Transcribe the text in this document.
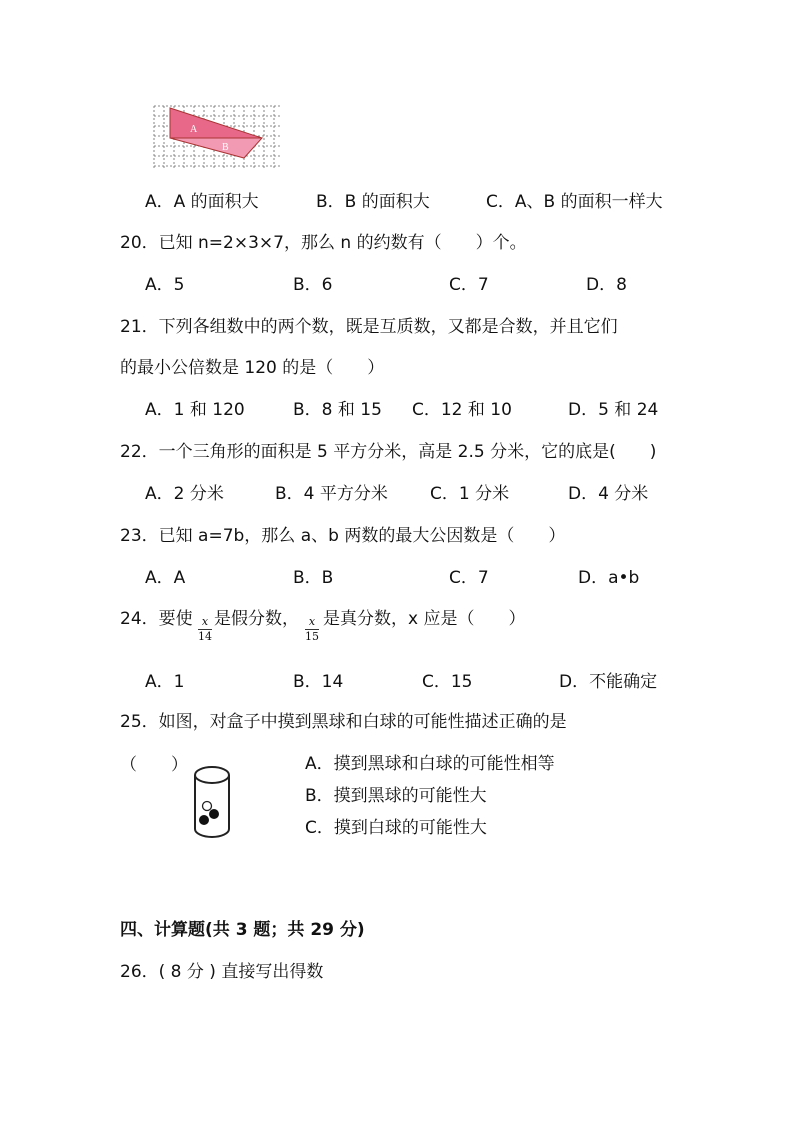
A
B
A．A 的面积大	B．B 的面积大	C．A、B 的面积一样大
20．已知 n=2×3×7，那么 n 的约数有（　　）个。
A．5	B．6	C．7	D．8
21．下列各组数中的两个数，既是互质数，又都是合数，并且它们
的最小公倍数是 120 的是（　　）
A．1 和 120	B．8 和 15 C．12 和 10	D．5 和 24
22．一个三角形的面积是 5 平方分米，高是 2.5 分米，它的底是(　　)
A．2 分米	B．4 平方分米 C．1 分米	D．4 分米
23．已知 a=7b，那么 a、b 两数的最大公因数是（　　）
A．A	B．B	C．7	D．a•b
24．要使 x
14
是假分数， x
15
是真分数，x 应是（　　）
A．1	B．14	C．15	D．不能确定
25．如图，对盒子中摸到黑球和白球的可能性描述正确的是
（　　）	A．摸到黑球和白球的可能性相等
B．摸到黑球的可能性大
C．摸到白球的可能性大
四、计算题(共 3 题；共 29 分)
26．( 8 分 ) 直接写出得数
